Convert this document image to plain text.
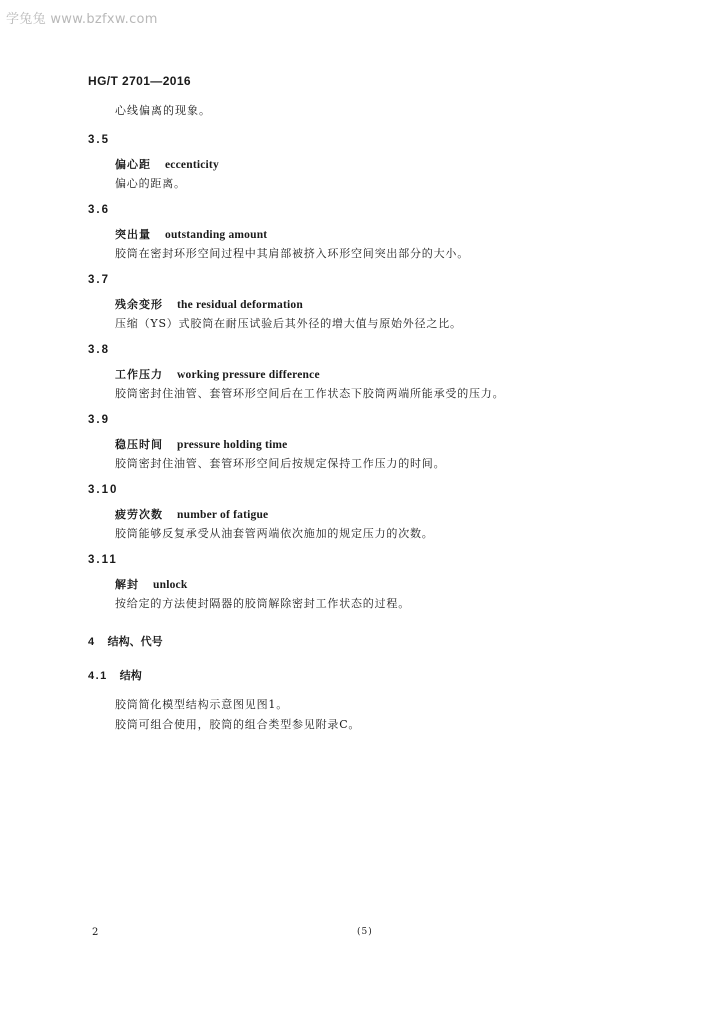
学兔兔 www.bzfxw.com
HG/T 2701—2016
心线偏离的现象。
3.5
偏心距 eccenticity
偏心的距离。
3.6
突出量 outstanding amount
胶筒在密封环形空间过程中其肩部被挤入环形空间突出部分的大小。
3.7
残余变形 the residual deformation
压缩（YS）式胶筒在耐压试验后其外径的增大值与原始外径之比。
3.8
工作压力 working pressure difference
胶筒密封住油管、套管环形空间后在工作状态下胶筒两端所能承受的压力。
3.9
稳压时间 pressure holding time
胶筒密封住油管、套管环形空间后按规定保持工作压力的时间。
3.10
疲劳次数 number of fatigue
胶筒能够反复承受从油套管两端依次施加的规定压力的次数。
3.11
解封 unlock
按给定的方法使封隔器的胶筒解除密封工作状态的过程。
4 结构、代号
4.1 结构
胶筒简化模型结构示意图见图1。
胶筒可组合使用，胶筒的组合类型参见附录C。
2	(5)
